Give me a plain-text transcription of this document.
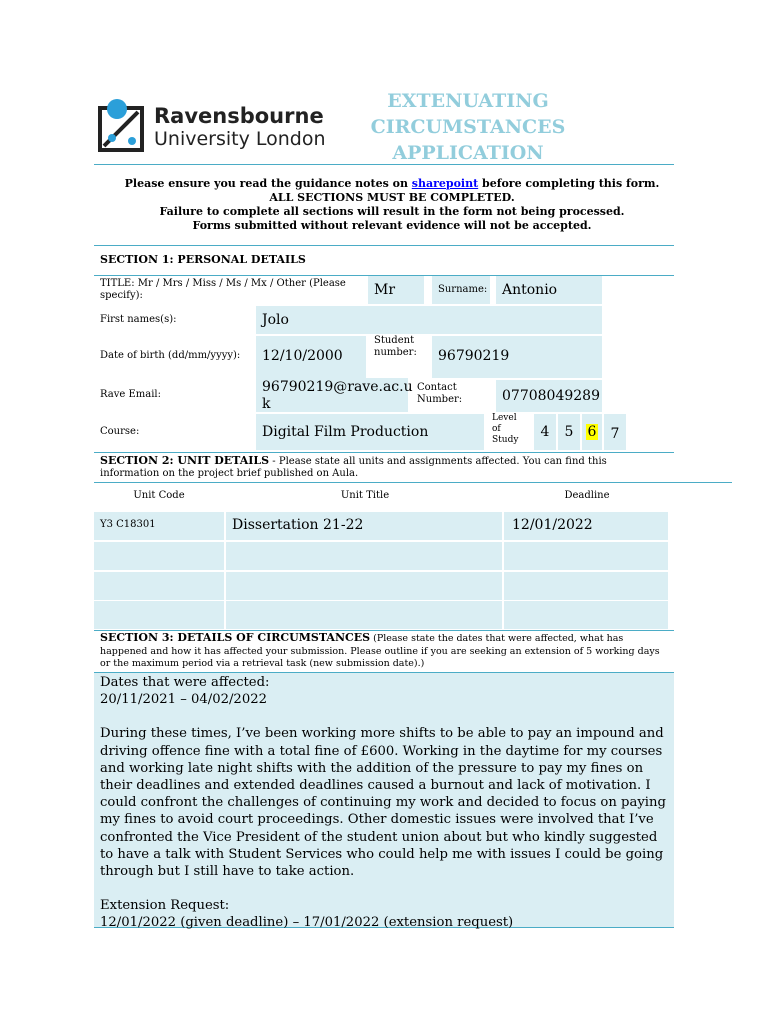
Ravensbourne
University London
EXTENUATING
CIRCUMSTANCES
APPLICATION
Please ensure you read the guidance notes on sharepoint before completing this form.
ALL SECTIONS MUST BE COMPLETED.
Failure to complete all sections will result in the form not being processed.
Forms submitted without relevant evidence will not be accepted.
SECTION 1: PERSONAL DETAILS
TITLE: Mr / Mrs / Miss / Ms / Mx / Other (Please specify):	Mr	Surname:	Antonio
First names(s):	Jolo
Date of birth (dd/mm/yyyy):	12/10/2000
Student number:	96790219
Rave Email:	96790219@rave.ac.u
k
Contact Number:	07708049289
Course:	Digital Film Production
Level
of
Study	4	5	6	7
SECTION 2: UNIT DETAILS - Please state all units and assignments affected. You can find this information on the project brief published on Aula.
Unit Code	Unit Title	Deadline
Y3 C18301	Dissertation 21-22	12/01/2022
SECTION 3: DETAILS OF CIRCUMSTANCES (Please state the dates that were affected, what has happened and how it has affected your submission. Please outline if you are seeking an extension of 5 working days or the maximum period via a retrieval task (new submission date).)
Dates that were affected:
20/11/2021 – 04/02/2022
During these times, I’ve been working more shifts to be able to pay an impound and driving offence fine with a total fine of £600. Working in the daytime for my courses and working late night shifts with the addition of the pressure to pay my fines on their deadlines and extended deadlines caused a burnout and lack of motivation. I could confront the challenges of continuing my work and decided to focus on paying my fines to avoid court proceedings. Other domestic issues were involved that I’ve confronted the Vice President of the student union about but who kindly suggested to have a talk with Student Services who could help me with issues I could be going through but I still have to take action.
Extension Request:
12/01/2022 (given deadline) – 17/01/2022 (extension request)
